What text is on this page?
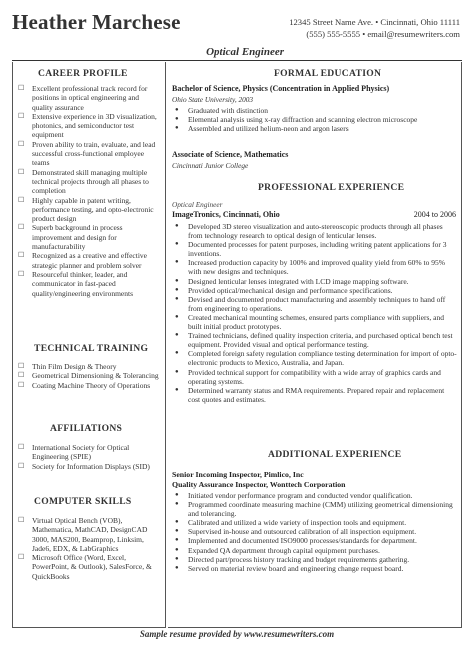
Heather Marchese	12345 Street Name Ave. • Cincinnati, Ohio 11111
(555) 555-5555 • email@resumewriters.com
Optical Engineer
CAREER PROFILE
☐ Excellent professional track record for positions in optical engineering and quality assurance
☐ Extensive experience in 3D visualization, photonics, and semiconductor test equipment
☐ Proven ability to train, evaluate, and lead successful cross-functional employee teams
☐ Demonstrated skill managing multiple technical projects through all phases to completion
☐ Highly capable in patent writing, performance testing, and opto-electronic product design
☐ Superb background in process improvement and design for manufacturability
☐ Recognized as a creative and effective strategic planner and problem solver
☐ Resourceful thinker, leader, and communicator in fast-paced quality/engineering environments
TECHNICAL TRAINING
☐ Thin Film Design & Theory
☐ Geometrical Dimensioning & Tolerancing
☐ Coating Machine Theory of Operations
AFFILIATIONS
☐ International Society for Optical Engineering (SPIE)
☐ Society for Information Displays (SID)
COMPUTER SKILLS
☐ Virtual Optical Bench (VOB), Mathematica, MathCAD, DesignCAD 3000, MAS200, Beamprop, Linksim, Jade6, EDX, & LabGraphics
☐ Microsoft Office (Word, Excel, PowerPoint, & Outlook), SalesForce, & QuickBooks
FORMAL EDUCATION
Bachelor of Science, Physics (Concentration in Applied Physics)
Ohio State University, 2003
● Graduated with distinction
● Elemental analysis using x-ray diffraction and scanning electron microscope
● Assembled and utilized helium-neon and argon lasers
Associate of Science, Mathematics
Cincinnati Junior College
PROFESSIONAL EXPERIENCE
Optical Engineer
ImageTronics, Cincinnati, Ohio	2004 to 2006
● Developed 3D stereo visualization and auto-stereoscopic products through all phases from technology research to optical design of lenticular lenses.
● Documented processes for patent purposes, including writing patent applications for 3 inventions.
● Increased production capacity by 100% and improved quality yield from 60% to 95% with new designs and techniques.
● Designed lenticular lenses integrated with LCD image mapping software.
● Provided optical/mechanical design and performance specifications.
● Devised and documented product manufacturing and assembly techniques to hand off from engineering to operations.
● Created mechanical mounting schemes, ensured parts compliance with suppliers, and built initial product prototypes.
● Trained technicians, defined quality inspection criteria, and purchased optical bench test equipment. Provided visual and optical performance testing.
● Completed foreign safety regulation compliance testing determination for import of opto-electronic products to Mexico, Australia, and Japan.
● Provided technical support for compatibility with a wide array of graphics cards and operating systems.
● Determined warranty status and RMA requirements. Prepared repair and replacement cost quotes and estimates.
ADDITIONAL EXPERIENCE
Senior Incoming Inspector, Pimlico, Inc
Quality Assurance Inspector, Wonttech Corporation
● Initiated vendor performance program and conducted vendor qualification.
● Programmed coordinate measuring machine (CMM) utilizing geometrical dimensioning and tolerancing.
● Calibrated and utilized a wide variety of inspection tools and equipment.
● Supervised in-house and outsourced calibration of all inspection equipment.
● Implemented and documented ISO9000 processes/standards for department.
● Expanded QA department through capital equipment purchases.
● Directed part/process history tracking and budget requirements gathering.
● Served on material review board and engineering change request board.
Sample resume provided by www.resumewriters.com
